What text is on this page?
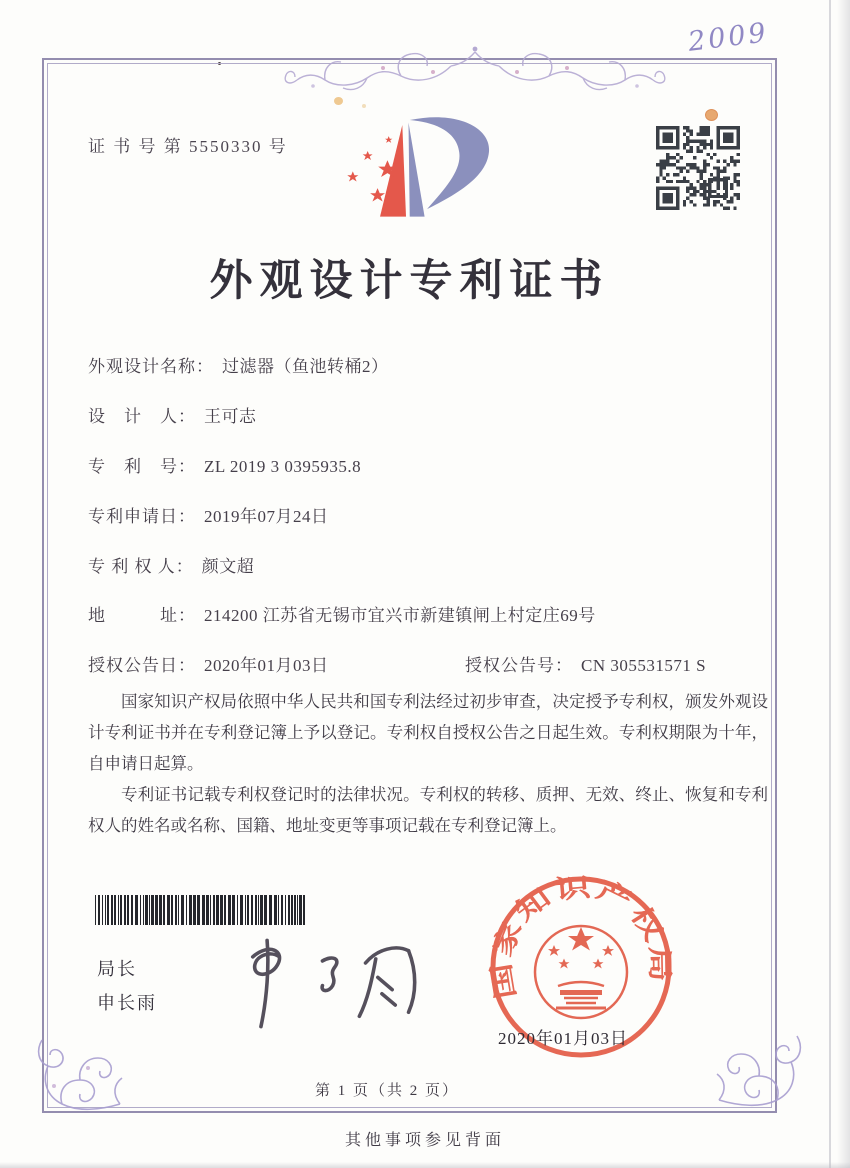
2009
证 书 号 第 5550330 号
外观设计专利证书
外观设计名称： 过滤器（鱼池转桶2）
设　计　人： 王可志
专　利　号： ZL 2019 3 0395935.8
专利申请日： 2019年07月24日
专 利 权 人： 颜文超
地　　　址： 214200 江苏省无锡市宜兴市新建镇闸上村定庄69号
授权公告日： 2020年01月03日	授权公告号： CN 305531571 S

国家知识产权局依照中华人民共和国专利法经过初步审查，决定授予专利权，颁发外观设计专利证书并在专利登记簿上予以登记。专利权自授权公告之日起生效。专利权期限为十年，自申请日起算。

专利证书记载专利权登记时的法律状况。专利权的转移、质押、无效、终止、恢复和专利权人的姓名或名称、国籍、地址变更等事项记载在专利登记簿上。

局长
申长雨
国家知识产权局
2020年01月03日
第 1 页（共 2 页）
其他事项参见背面
